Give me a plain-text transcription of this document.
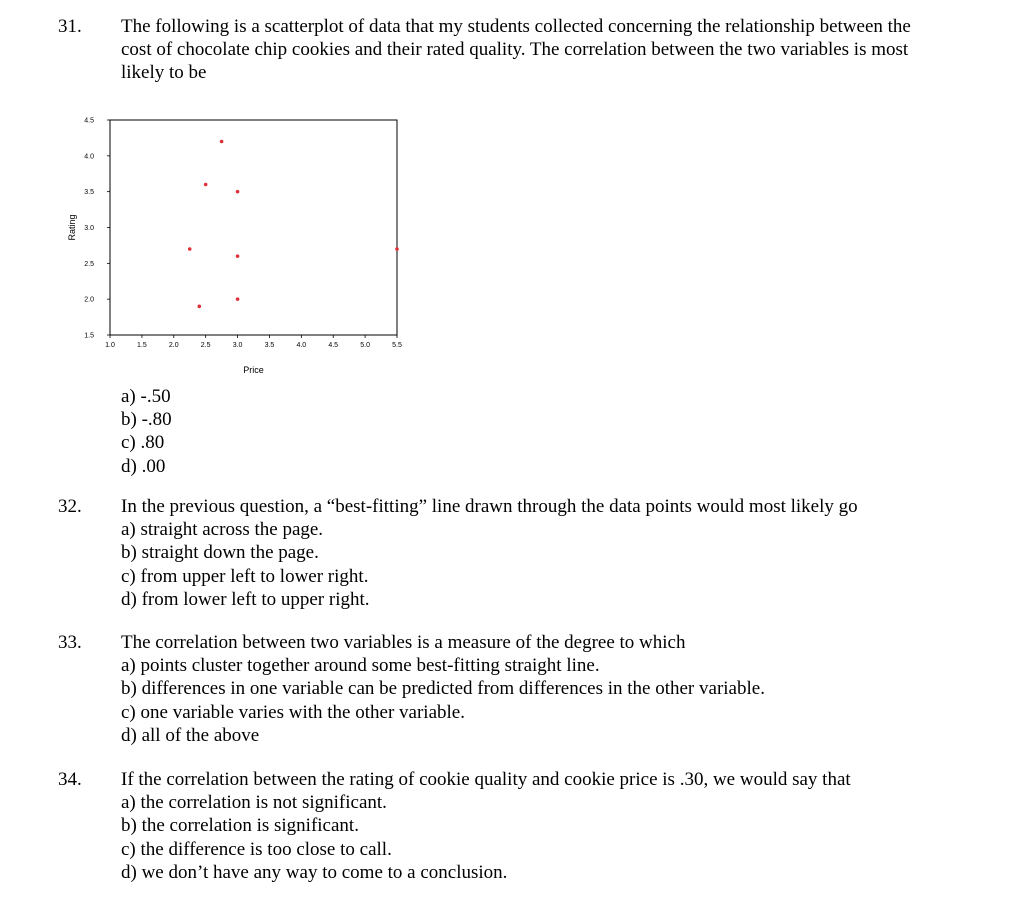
31. The following is a scatterplot of data that my students collected concerning the relationship between the
cost of chocolate chip cookies and their rated quality. The correlation between the two variables is most
likely to be
4.5
4.0
3.5
3.0
2.5
2.0
1.5
1.0	1.5	2.0	2.5	3.0	3.5	4.0	4.5	5.0	5.5
Price
Rating
a) -.50
b) -.80
c) .80
d) .00
32. In the previous question, a “best-fitting” line drawn through the data points would most likely go
a) straight across the page.
b) straight down the page.
c) from upper left to lower right.
d) from lower left to upper right.
33. The correlation between two variables is a measure of the degree to which
a) points cluster together around some best-fitting straight line.
b) differences in one variable can be predicted from differences in the other variable.
c) one variable varies with the other variable.
d) all of the above
34. If the correlation between the rating of cookie quality and cookie price is .30, we would say that
a) the correlation is not significant.
b) the correlation is significant.
c) the difference is too close to call.
d) we don’t have any way to come to a conclusion.
